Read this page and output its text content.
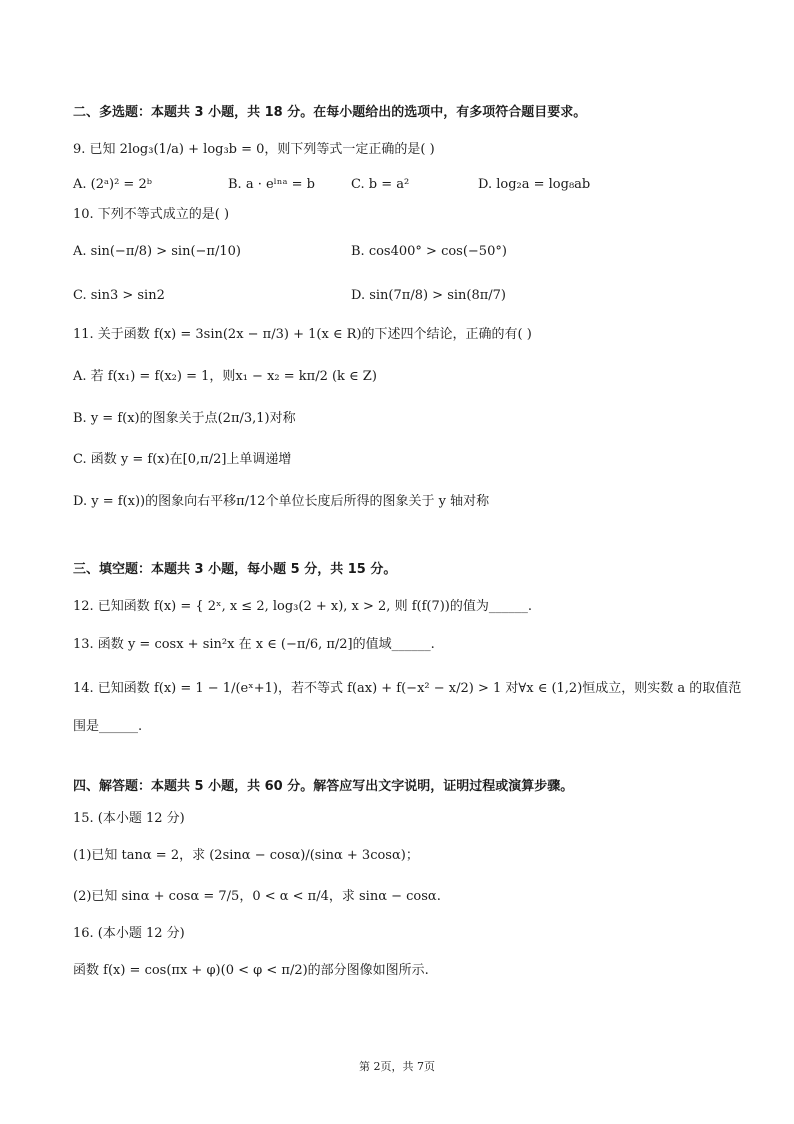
二、多选题：本题共 3 小题，共 18 分。在每小题给出的选项中，有多项符合题目要求。
9. 已知 2log₃(1/a) + log₃b = 0，则下列等式一定正确的是( )
A. (2ᵃ)² = 2ᵇ	B. a · eˡⁿᵃ = b	C. b = a²	D. log₂a = log₈ab
10. 下列不等式成立的是( )
A. sin(−π/8) > sin(−π/10)	B. cos400° > cos(−50°)
C. sin3 > sin2	D. sin(7π/8) > sin(8π/7)
11. 关于函数 f(x) = 3sin(2x − π/3) + 1(x ∈ R)的下述四个结论，正确的有( )
A. 若 f(x₁) = f(x₂) = 1，则x₁ − x₂ = kπ/2 (k ∈ Z)
B. y = f(x)的图象关于点(2π/3,1)对称
C. 函数 y = f(x)在[0,π/2]上单调递增
D. y = f(x))的图象向右平移π/12个单位长度后所得的图象关于 y 轴对称
三、填空题：本题共 3 小题，每小题 5 分，共 15 分。
12. 已知函数 f(x) = { 2ˣ, x ≤ 2, log₃(2 + x), x > 2, 则 f(f(7))的值为______.
13. 函数 y = cosx + sin²x 在 x ∈ (−π/6, π/2]的值域______.
14. 已知函数 f(x) = 1 − 1/(eˣ+1)，若不等式 f(ax) + f(−x² − x/2) > 1 对∀x ∈ (1,2)恒成立，则实数 a 的取值范
围是______.
四、解答题：本题共 5 小题，共 60 分。解答应写出文字说明，证明过程或演算步骤。
15. (本小题 12 分)
(1)已知 tanα = 2，求 (2sinα − cosα)/(sinα + 3cosα)；
(2)已知 sinα + cosα = 7/5，0 < α < π/4，求 sinα − cosα.
16. (本小题 12 分)
函数 f(x) = cos(πx + φ)(0 < φ < π/2)的部分图像如图所示.
第 2页，共 7页
